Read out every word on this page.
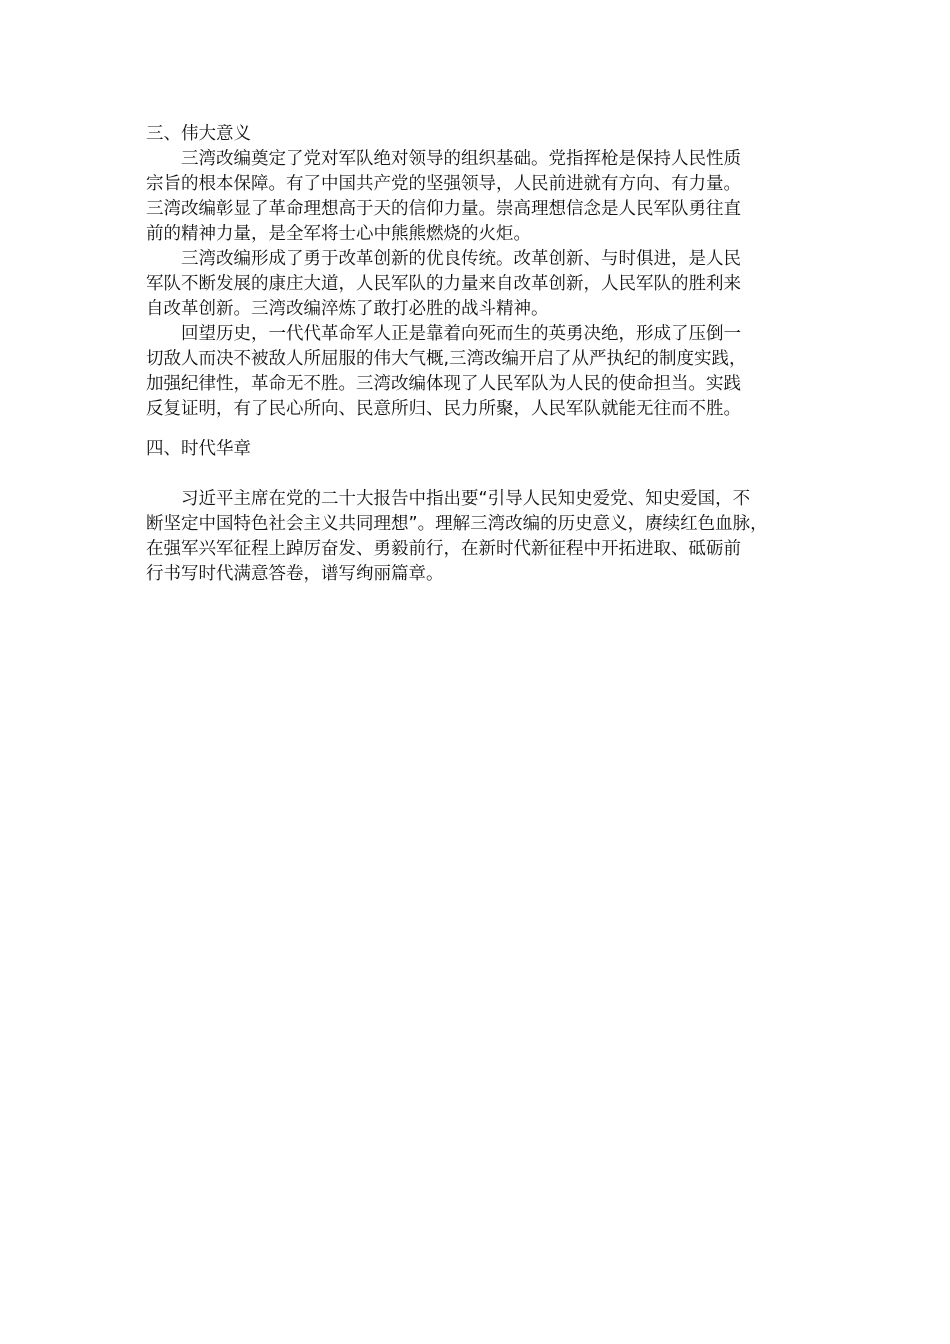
三、伟大意义
三湾改编奠定了党对军队绝对领导的组织基础。党指挥枪是保持人民性质
宗旨的根本保障。有了中国共产党的坚强领导，人民前进就有方向、有力量。
三湾改编彰显了革命理想高于天的信仰力量。崇高理想信念是人民军队勇往直
前的精神力量，是全军将士心中熊熊燃烧的火炬。
三湾改编形成了勇于改革创新的优良传统。改革创新、与时俱进，是人民
军队不断发展的康庄大道，人民军队的力量来自改革创新，人民军队的胜利来
自改革创新。三湾改编淬炼了敢打必胜的战斗精神。
回望历史，一代代革命军人正是靠着向死而生的英勇决绝，形成了压倒一
切敌人而决不被敌人所屈服的伟大气概,三湾改编开启了从严执纪的制度实践，
加强纪律性，革命无不胜。三湾改编体现了人民军队为人民的使命担当。实践
反复证明，有了民心所向、民意所归、民力所聚，人民军队就能无往而不胜。
四、时代华章
习近平主席在党的二十大报告中指出要“引导人民知史爱党、知史爱国，不
断坚定中国特色社会主义共同理想”。理解三湾改编的历史意义，赓续红色血脉，
在强军兴军征程上踔厉奋发、勇毅前行，在新时代新征程中开拓进取、砥砺前
行书写时代满意答卷，谱写绚丽篇章。
